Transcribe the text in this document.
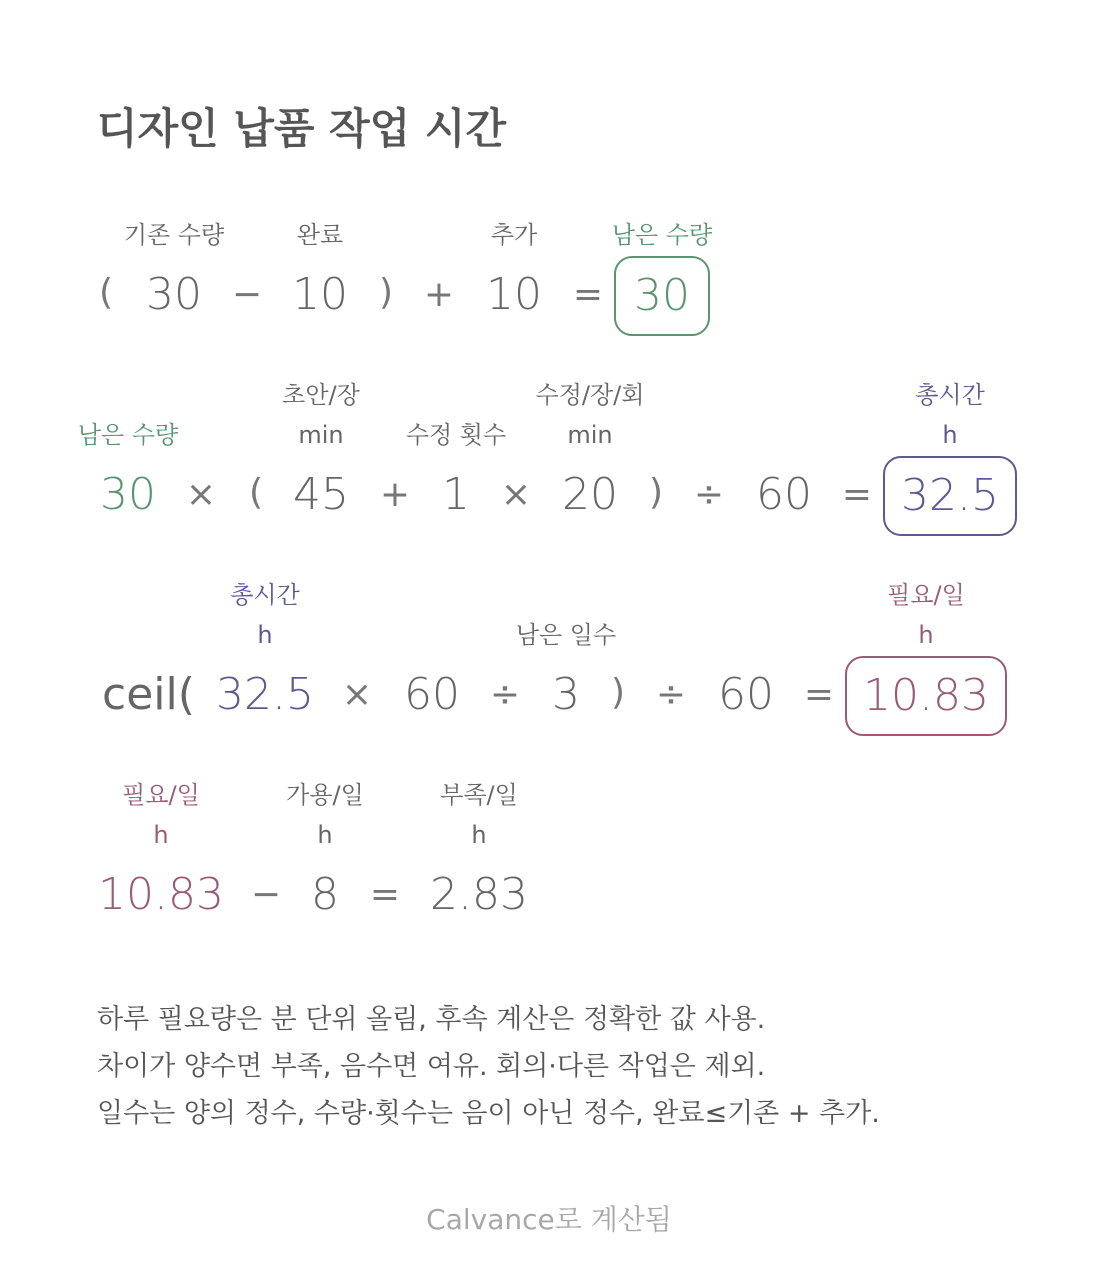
디자인 납품 작업 시간
기존 수량	완료	추가	남은 수량
( 30 − 10 ) + 10 = 30
초안/장	수정/장/회	총시간
남은 수량	min	수정 횟수	min	h
30 × ( 45 + 1 × 20 ) ÷ 60 = 32.5
총시간	필요/일
h	남은 일수	h
ceil( 32.5 × 60 ÷ 3 ) ÷ 60 = 10.83
필요/일	가용/일	부족/일
h	h	h
10.83 − 8 = 2.83
하루 필요량은 분 단위 올림, 후속 계산은 정확한 값 사용.
차이가 양수면 부족, 음수면 여유. 회의·다른 작업은 제외.
일수는 양의 정수, 수량·횟수는 음이 아닌 정수, 완료≤기존 + 추가.
Calvance로 계산됨
